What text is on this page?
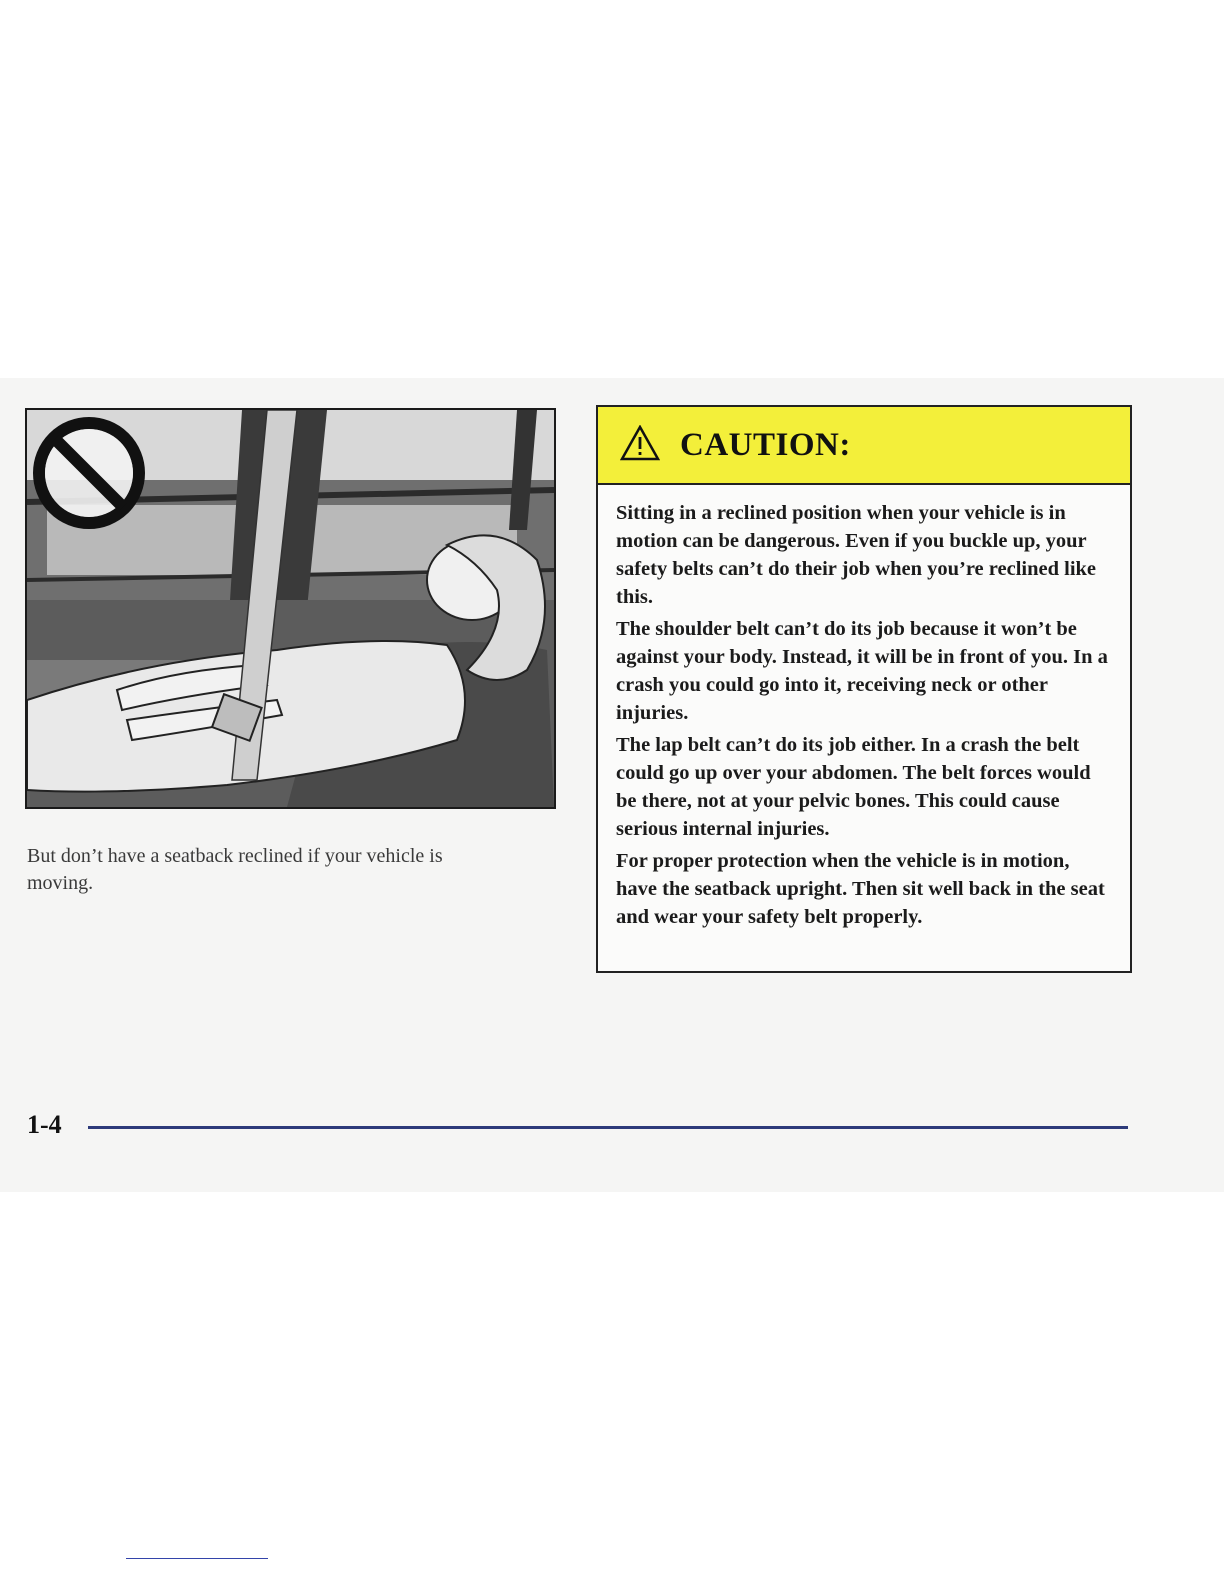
But don’t have a seatback reclined if your vehicle is moving.
CAUTION:

Sitting in a reclined position when your vehicle is in motion can be dangerous. Even if you buckle up, your safety belts can’t do their job when you’re reclined like this.

The shoulder belt can’t do its job because it won’t be against your body. Instead, it will be in front of you. In a crash you could go into it, receiving neck or other injuries.

The lap belt can’t do its job either. In a crash the belt could go up over your abdomen. The belt forces would be there, not at your pelvic bones. This could cause serious internal injuries.

For proper protection when the vehicle is in motion, have the seatback upright. Then sit well back in the seat and wear your safety belt properly.

1-4
